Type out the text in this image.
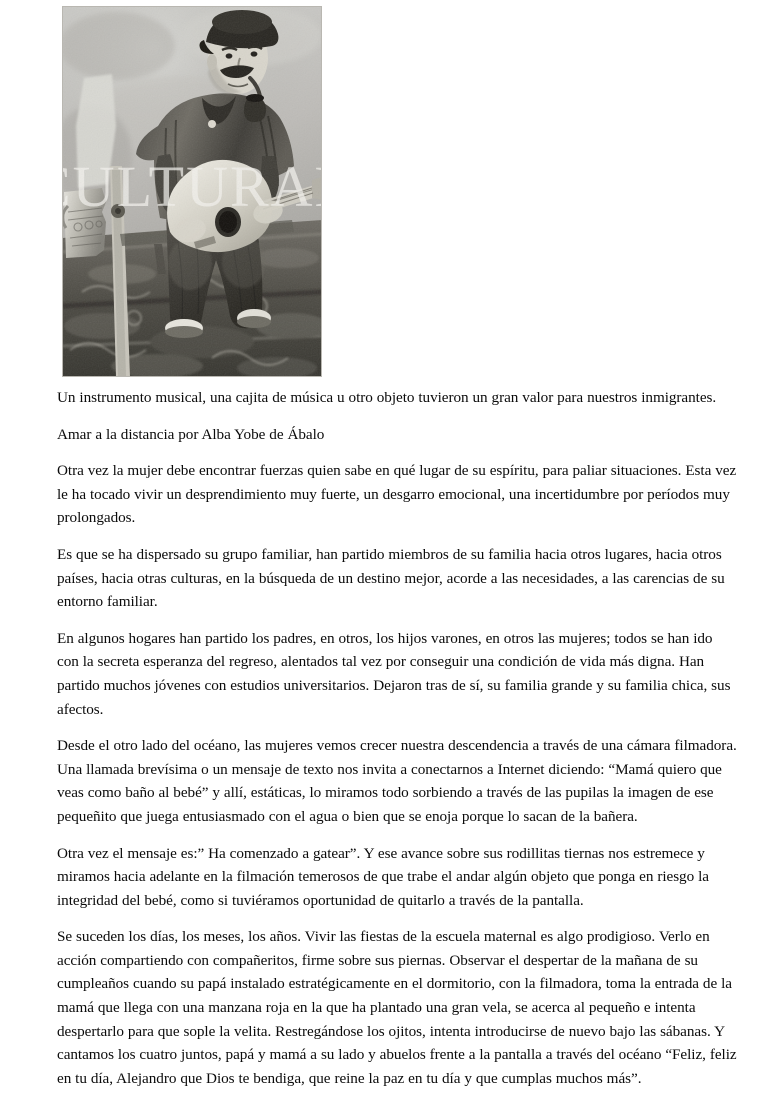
Un instrumento musical, una cajita de música u otro objeto tuvieron un gran valor para nuestros inmigrantes.

Amar a la distancia por Alba Yobe de Ábalo

Otra vez la mujer debe encontrar fuerzas quien sabe en qué lugar de su espíritu, para paliar situaciones. Esta vez le ha tocado vivir un desprendimiento muy fuerte, un desgarro emocional, una incertidumbre por períodos muy prolongados.

Es que se ha dispersado su grupo familiar, han partido miembros de su familia hacia otros lugares, hacia otros países, hacia otras culturas, en la búsqueda de un destino mejor, acorde a las necesidades, a las carencias de su entorno familiar.

En algunos hogares han partido los padres, en otros, los hijos varones, en otros las mujeres; todos se han ido con la secreta esperanza del regreso, alentados tal vez por conseguir una condición de vida más digna. Han partido muchos jóvenes con estudios universitarios. Dejaron tras de sí, su familia grande y su familia chica, sus afectos.

Desde el otro lado del océano, las mujeres vemos crecer nuestra descendencia a través de una cámara filmadora. Una llamada brevísima o un mensaje de texto nos invita a conectarnos a Internet diciendo: “Mamá quiero que veas como baño al bebé” y allí, estáticas, lo miramos todo sorbiendo a través de las pupilas la imagen de ese pequeñito que juega entusiasmado con el agua o bien que se enoja porque lo sacan de la bañera.

Otra vez el mensaje es:” Ha comenzado a gatear”. Y ese avance sobre sus rodillitas tiernas nos estremece y miramos hacia adelante en la filmación temerosos de que trabe el andar algún objeto que ponga en riesgo la integridad del bebé, como si tuviéramos oportunidad de quitarlo a través de la pantalla.

Se suceden los días, los meses, los años. Vivir las fiestas de la escuela maternal es algo prodigioso. Verlo en acción compartiendo con compañeritos, firme sobre sus piernas. Observar el despertar de la mañana de su cumpleaños cuando su papá instalado estratégicamente en el dormitorio, con la filmadora, toma la entrada de la mamá que llega con una manzana roja en la que ha plantado una gran vela, se acerca al pequeño e intenta despertarlo para que sople la velita. Restregándose los ojitos, intenta introducirse de nuevo bajo las sábanas. Y cantamos los cuatro juntos, papá y mamá a su lado y abuelos frente a la pantalla a través del océano “Feliz, feliz en tu día, Alejandro que Dios te bendiga, que reine la paz en tu día y que cumplas muchos más”.
